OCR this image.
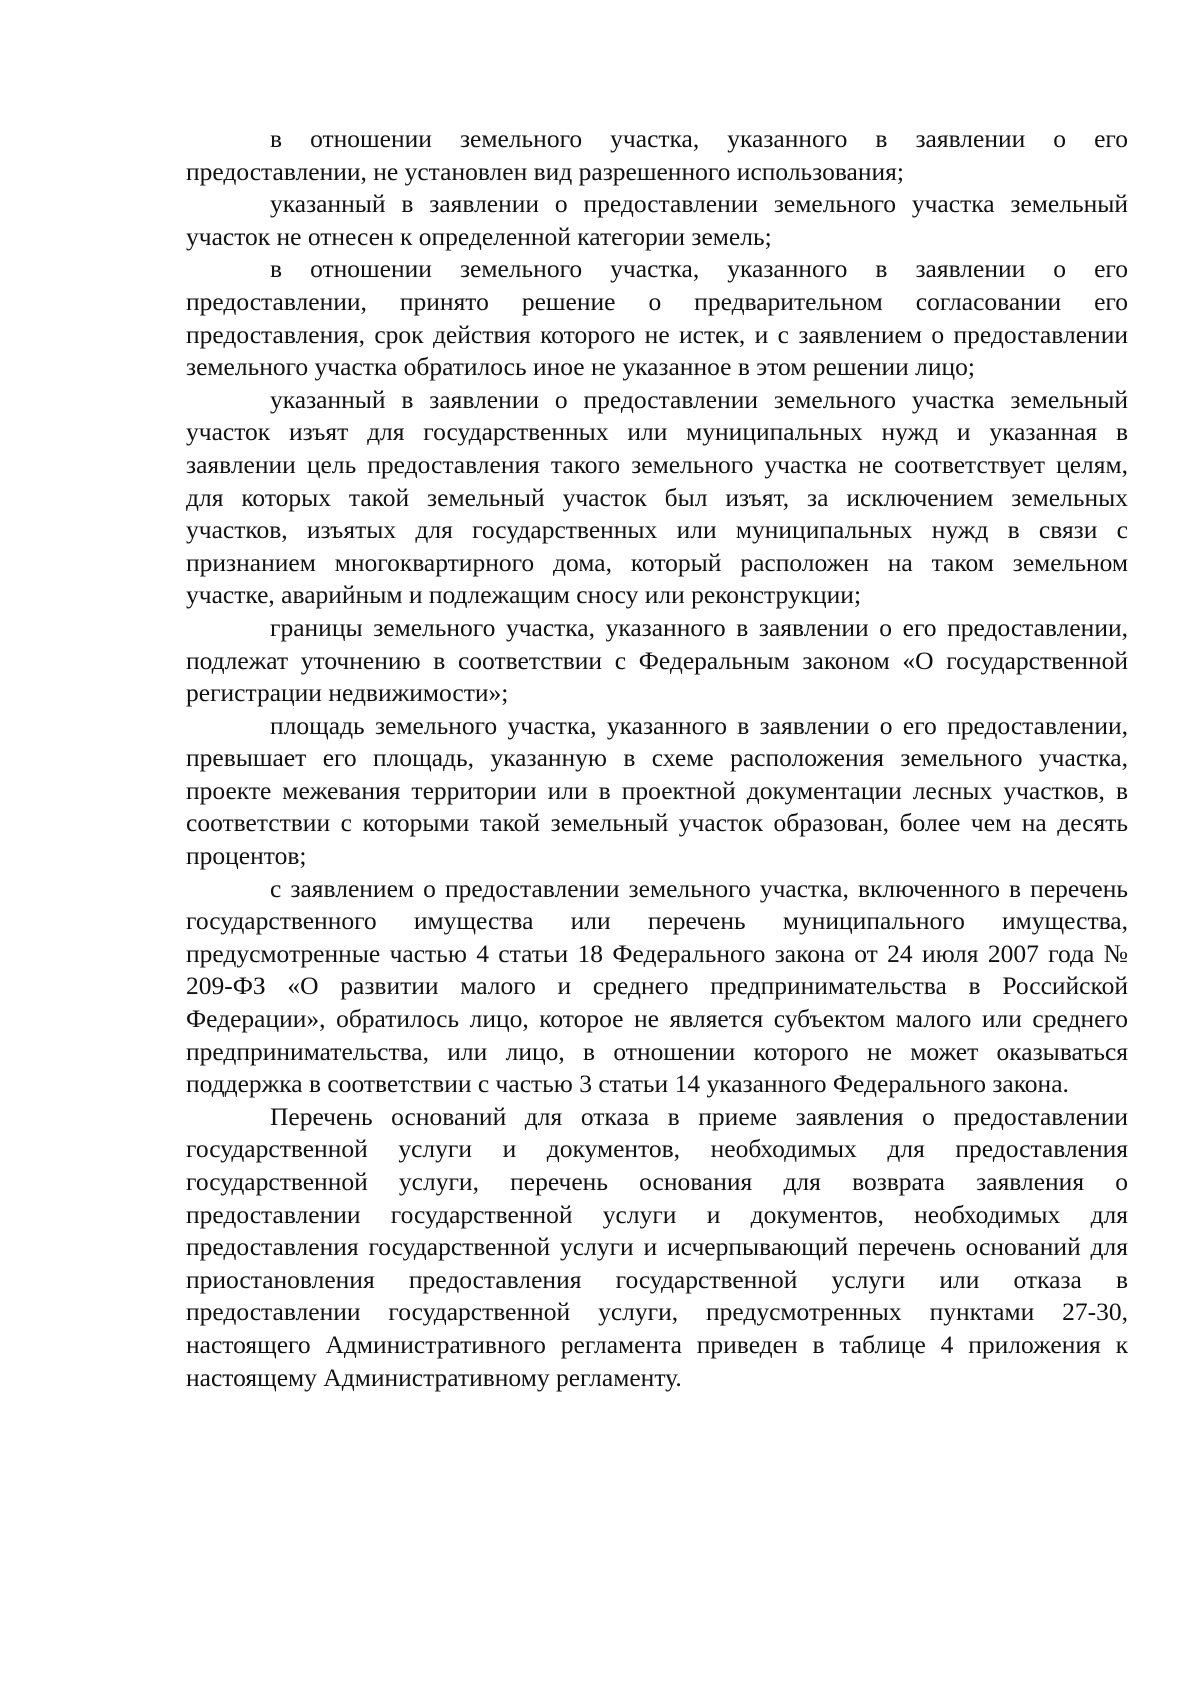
в отношении земельного участка, указанного в заявлении о его предоставлении, не установлен вид разрешенного использования;

указанный в заявлении о предоставлении земельного участка земельный участок не отнесен к определенной категории земель;

в отношении земельного участка, указанного в заявлении о его предоставлении, принято решение о предварительном согласовании его предоставления, срок действия которого не истек, и с заявлением о предоставлении земельного участка обратилось иное не указанное в этом решении лицо;

указанный в заявлении о предоставлении земельного участка земельный участок изъят для государственных или муниципальных нужд и указанная в заявлении цель предоставления такого земельного участка не соответствует целям, для которых такой земельный участок был изъят, за исключением земельных участков, изъятых для государственных или муниципальных нужд в связи с признанием многоквартирного дома, который расположен на таком земельном участке, аварийным и подлежащим сносу или реконструкции;

границы земельного участка, указанного в заявлении о его предоставлении, подлежат уточнению в соответствии с Федеральным законом «О государственной регистрации недвижимости»;

площадь земельного участка, указанного в заявлении о его предоставлении, превышает его площадь, указанную в схеме расположения земельного участка, проекте межевания территории или в проектной документации лесных участков, в соответствии с которыми такой земельный участок образован, более чем на десять процентов;

с заявлением о предоставлении земельного участка, включенного в перечень государственного имущества или перечень муниципального имущества, предусмотренные частью 4 статьи 18 Федерального закона от 24 июля 2007 года № 209-ФЗ «О развитии малого и среднего предпринимательства в Российской Федерации», обратилось лицо, которое не является субъектом малого или среднего предпринимательства, или лицо, в отношении которого не может оказываться поддержка в соответствии с частью 3 статьи 14 указанного Федерального закона.

Перечень оснований для отказа в приеме заявления о предоставлении государственной услуги и документов, необходимых для предоставления государственной услуги, перечень основания для возврата заявления о предоставлении государственной услуги и документов, необходимых для предоставления государственной услуги и исчерпывающий перечень оснований для приостановления предоставления государственной услуги или отказа в предоставлении государственной услуги, предусмотренных пунктами 27-30, настоящего Административного регламента приведен в таблице 4 приложения к настоящему Административному регламенту.
